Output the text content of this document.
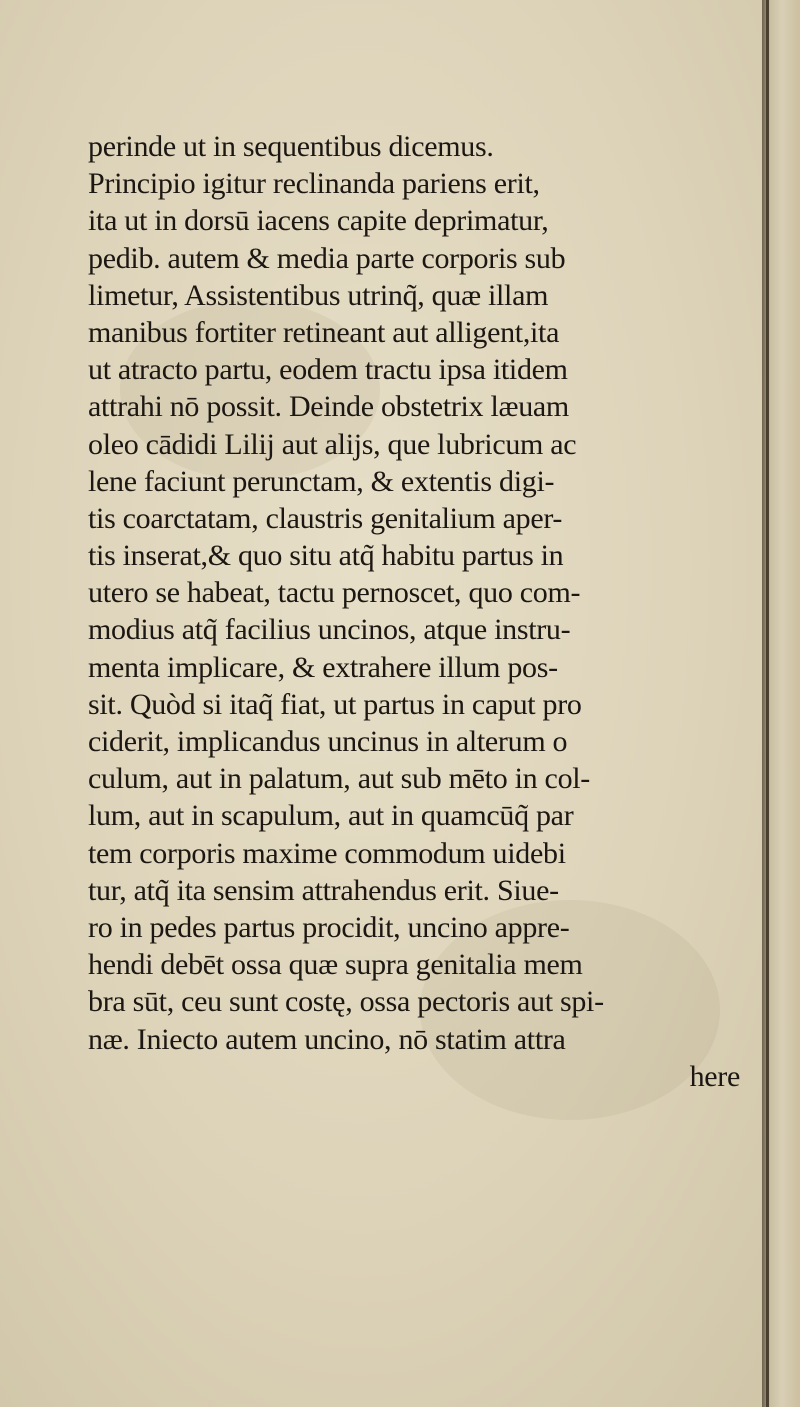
perinde ut in sequentibus dicemus.
Principio igitur reclinanda pariens erit,
ita ut in dorsū iacens capite deprimatur,
pedib. autem & media parte corporis sub
limetur, Assistentibus utrinq̃, quæ illam
manibus fortiter retineant aut alligent,ita
ut atracto partu, eodem tractu ipsa itidem
attrahi nō possit. Deinde obstetrix læuam
oleo cādidi Lilij aut alijs, que lubricum ac
lene faciunt perunctam, & extentis digi-
tis coarctatam, claustris genitalium aper-
tis inserat,& quo situ atq̃ habitu partus in
utero se habeat, tactu pernoscet, quo com-
modius atq̃ facilius uncinos, atque instru-
menta implicare, & extrahere illum pos-
sit. Quòd si itaq̃ fiat, ut partus in caput pro
ciderit, implicandus uncinus in alterum o
culum, aut in palatum, aut sub mēto in col-
lum, aut in scapulum, aut in quamcūq̃ par
tem corporis maxime commodum uidebi
tur, atq̃ ita sensim attrahendus erit. Siue-
ro in pedes partus procidit, uncino appre-
hendi debēt ossa quæ supra genitalia mem
bra sūt, ceu sunt costę, ossa pectoris aut spi-
næ. Iniecto autem uncino, nō statim attra
here
